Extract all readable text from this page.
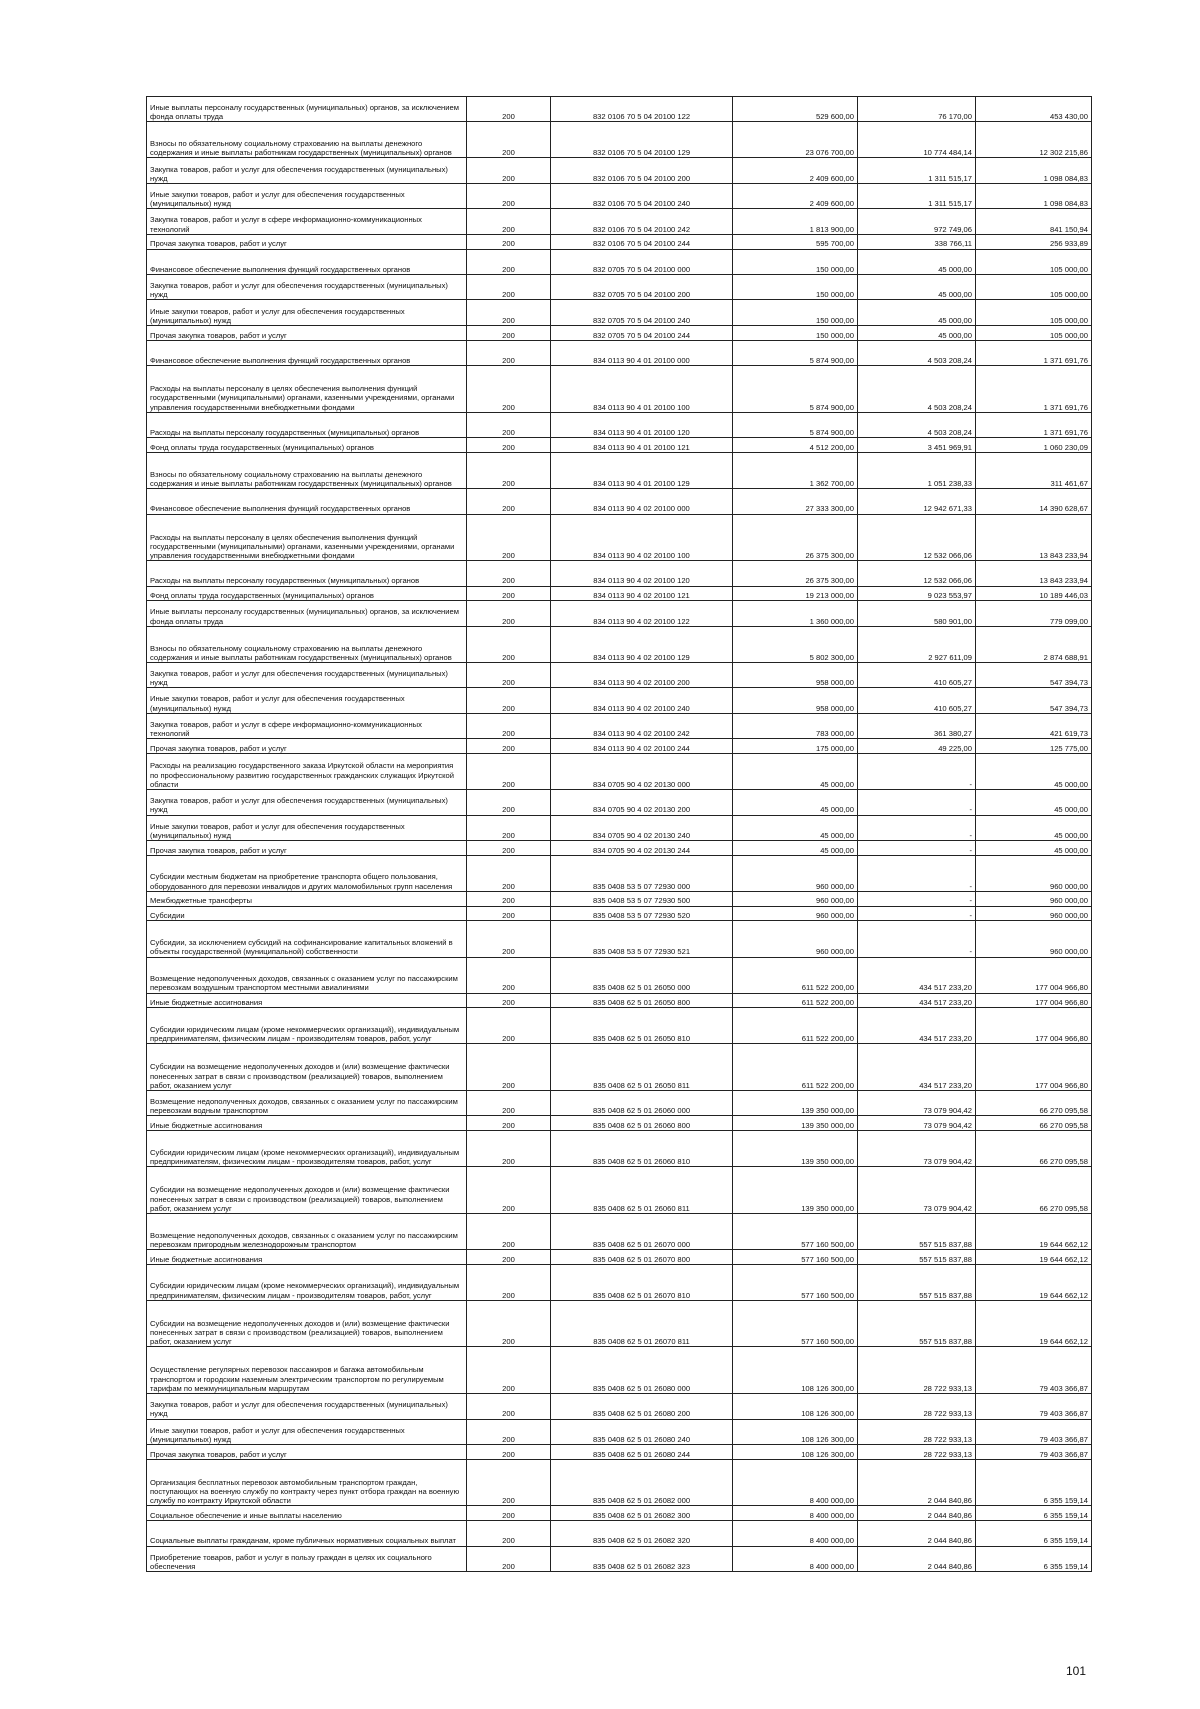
Иные выплаты персоналу государственных (муниципальных) органов, за исключением фонда оплаты труда	200	832 0106 70 5 04 20100 122	529 600,00	76 170,00	453 430,00
Взносы по обязательному социальному страхованию на выплаты денежного содержания и иные выплаты работникам государственных (муниципальных) органов	200	832 0106 70 5 04 20100 129	23 076 700,00	10 774 484,14	12 302 215,86
Закупка товаров, работ и услуг для обеспечения государственных (муниципальных) нужд	200	832 0106 70 5 04 20100 200	2 409 600,00	1 311 515,17	1 098 084,83
Иные закупки товаров, работ и услуг для обеспечения государственных (муниципальных) нужд	200	832 0106 70 5 04 20100 240	2 409 600,00	1 311 515,17	1 098 084,83
Закупка товаров, работ и услуг в сфере информационно-коммуникационных технологий	200	832 0106 70 5 04 20100 242	1 813 900,00	972 749,06	841 150,94
Прочая закупка товаров, работ и услуг	200	832 0106 70 5 04 20100 244	595 700,00	338 766,11	256 933,89
Финансовое обеспечение выполнения функций государственных органов	200	832 0705 70 5 04 20100 000	150 000,00	45 000,00	105 000,00
Закупка товаров, работ и услуг для обеспечения государственных (муниципальных) нужд	200	832 0705 70 5 04 20100 200	150 000,00	45 000,00	105 000,00
Иные закупки товаров, работ и услуг для обеспечения государственных (муниципальных) нужд	200	832 0705 70 5 04 20100 240	150 000,00	45 000,00	105 000,00
Прочая закупка товаров, работ и услуг	200	832 0705 70 5 04 20100 244	150 000,00	45 000,00	105 000,00
Финансовое обеспечение выполнения функций государственных органов	200	834 0113 90 4 01 20100 000	5 874 900,00	4 503 208,24	1 371 691,76
Расходы на выплаты персоналу в целях обеспечения выполнения функций государственными (муниципальными) органами, казенными учреждениями, органами управления государственными внебюджетными фондами	200	834 0113 90 4 01 20100 100	5 874 900,00	4 503 208,24	1 371 691,76
Расходы на выплаты персоналу государственных (муниципальных) органов	200	834 0113 90 4 01 20100 120	5 874 900,00	4 503 208,24	1 371 691,76
Фонд оплаты труда государственных (муниципальных) органов	200	834 0113 90 4 01 20100 121	4 512 200,00	3 451 969,91	1 060 230,09
Взносы по обязательному социальному страхованию на выплаты денежного содержания и иные выплаты работникам государственных (муниципальных) органов	200	834 0113 90 4 01 20100 129	1 362 700,00	1 051 238,33	311 461,67
Финансовое обеспечение выполнения функций государственных органов	200	834 0113 90 4 02 20100 000	27 333 300,00	12 942 671,33	14 390 628,67
Расходы на выплаты персоналу в целях обеспечения выполнения функций государственными (муниципальными) органами, казенными учреждениями, органами управления государственными внебюджетными фондами	200	834 0113 90 4 02 20100 100	26 375 300,00	12 532 066,06	13 843 233,94
Расходы на выплаты персоналу государственных (муниципальных) органов	200	834 0113 90 4 02 20100 120	26 375 300,00	12 532 066,06	13 843 233,94
Фонд оплаты труда государственных (муниципальных) органов	200	834 0113 90 4 02 20100 121	19 213 000,00	9 023 553,97	10 189 446,03
Иные выплаты персоналу государственных (муниципальных) органов, за исключением фонда оплаты труда	200	834 0113 90 4 02 20100 122	1 360 000,00	580 901,00	779 099,00
Взносы по обязательному социальному страхованию на выплаты денежного содержания и иные выплаты работникам государственных (муниципальных) органов	200	834 0113 90 4 02 20100 129	5 802 300,00	2 927 611,09	2 874 688,91
Закупка товаров, работ и услуг для обеспечения государственных (муниципальных) нужд	200	834 0113 90 4 02 20100 200	958 000,00	410 605,27	547 394,73
Иные закупки товаров, работ и услуг для обеспечения государственных (муниципальных) нужд	200	834 0113 90 4 02 20100 240	958 000,00	410 605,27	547 394,73
Закупка товаров, работ и услуг в сфере информационно-коммуникационных технологий	200	834 0113 90 4 02 20100 242	783 000,00	361 380,27	421 619,73
Прочая закупка товаров, работ и услуг	200	834 0113 90 4 02 20100 244	175 000,00	49 225,00	125 775,00
Расходы на реализацию государственного заказа Иркутской области на мероприятия по профессиональному развитию государственных гражданских служащих Иркутской области	200	834 0705 90 4 02 20130 000	45 000,00	-	45 000,00
Закупка товаров, работ и услуг для обеспечения государственных (муниципальных) нужд	200	834 0705 90 4 02 20130 200	45 000,00	-	45 000,00
Иные закупки товаров, работ и услуг для обеспечения государственных (муниципальных) нужд	200	834 0705 90 4 02 20130 240	45 000,00	-	45 000,00
Прочая закупка товаров, работ и услуг	200	834 0705 90 4 02 20130 244	45 000,00	-	45 000,00
Субсидии местным бюджетам на приобретение транспорта общего пользования, оборудованного для перевозки инвалидов и других маломобильных групп населения	200	835 0408 53 5 07 72930 000	960 000,00	-	960 000,00
Межбюджетные трансферты	200	835 0408 53 5 07 72930 500	960 000,00	-	960 000,00
Субсидии	200	835 0408 53 5 07 72930 520	960 000,00	-	960 000,00
Субсидии, за исключением субсидий на софинансирование капитальных вложений в объекты государственной (муниципальной) собственности	200	835 0408 53 5 07 72930 521	960 000,00	-	960 000,00
Возмещение недополученных доходов, связанных с оказанием услуг по пассажирским перевозкам воздушным транспортом местными авиалиниями	200	835 0408 62 5 01 26050 000	611 522 200,00	434 517 233,20	177 004 966,80
Иные бюджетные ассигнования	200	835 0408 62 5 01 26050 800	611 522 200,00	434 517 233,20	177 004 966,80
Субсидии юридическим лицам (кроме некоммерческих организаций), индивидуальным предпринимателям, физическим лицам - производителям товаров, работ, услуг	200	835 0408 62 5 01 26050 810	611 522 200,00	434 517 233,20	177 004 966,80
Субсидии на возмещение недополученных доходов и (или) возмещение фактически понесенных затрат в связи с производством (реализацией) товаров, выполнением работ, оказанием услуг	200	835 0408 62 5 01 26050 811	611 522 200,00	434 517 233,20	177 004 966,80
Возмещение недополученных доходов, связанных с оказанием услуг по пассажирским перевозкам водным транспортом	200	835 0408 62 5 01 26060 000	139 350 000,00	73 079 904,42	66 270 095,58
Иные бюджетные ассигнования	200	835 0408 62 5 01 26060 800	139 350 000,00	73 079 904,42	66 270 095,58
Субсидии юридическим лицам (кроме некоммерческих организаций), индивидуальным предпринимателям, физическим лицам - производителям товаров, работ, услуг	200	835 0408 62 5 01 26060 810	139 350 000,00	73 079 904,42	66 270 095,58
Субсидии на возмещение недополученных доходов и (или) возмещение фактически понесенных затрат в связи с производством (реализацией) товаров, выполнением работ, оказанием услуг	200	835 0408 62 5 01 26060 811	139 350 000,00	73 079 904,42	66 270 095,58
Возмещение недополученных доходов, связанных с оказанием услуг по пассажирским перевозкам пригородным железнодорожным транспортом	200	835 0408 62 5 01 26070 000	577 160 500,00	557 515 837,88	19 644 662,12
Иные бюджетные ассигнования	200	835 0408 62 5 01 26070 800	577 160 500,00	557 515 837,88	19 644 662,12
Субсидии юридическим лицам (кроме некоммерческих организаций), индивидуальным предпринимателям, физическим лицам - производителям товаров, работ, услуг	200	835 0408 62 5 01 26070 810	577 160 500,00	557 515 837,88	19 644 662,12
Субсидии на возмещение недополученных доходов и (или) возмещение фактически понесенных затрат в связи с производством (реализацией) товаров, выполнением работ, оказанием услуг	200	835 0408 62 5 01 26070 811	577 160 500,00	557 515 837,88	19 644 662,12
Осуществление регулярных перевозок пассажиров и багажа автомобильным транспортом и городским наземным электрическим транспортом по регулируемым тарифам по межмуниципальным маршрутам	200	835 0408 62 5 01 26080 000	108 126 300,00	28 722 933,13	79 403 366,87
Закупка товаров, работ и услуг для обеспечения государственных (муниципальных) нужд	200	835 0408 62 5 01 26080 200	108 126 300,00	28 722 933,13	79 403 366,87
Иные закупки товаров, работ и услуг для обеспечения государственных (муниципальных) нужд	200	835 0408 62 5 01 26080 240	108 126 300,00	28 722 933,13	79 403 366,87
Прочая закупка товаров, работ и услуг	200	835 0408 62 5 01 26080 244	108 126 300,00	28 722 933,13	79 403 366,87
Организация бесплатных перевозок автомобильным транспортом граждан, поступающих на военную службу по контракту через пункт отбора граждан на военную службу по контракту Иркутской области	200	835 0408 62 5 01 26082 000	8 400 000,00	2 044 840,86	6 355 159,14
Социальное обеспечение и иные выплаты населению	200	835 0408 62 5 01 26082 300	8 400 000,00	2 044 840,86	6 355 159,14
Социальные выплаты гражданам, кроме публичных нормативных социальных выплат	200	835 0408 62 5 01 26082 320	8 400 000,00	2 044 840,86	6 355 159,14
Приобретение товаров, работ и услуг в пользу граждан в целях их социального обеспечения	200	835 0408 62 5 01 26082 323	8 400 000,00	2 044 840,86	6 355 159,14
101
